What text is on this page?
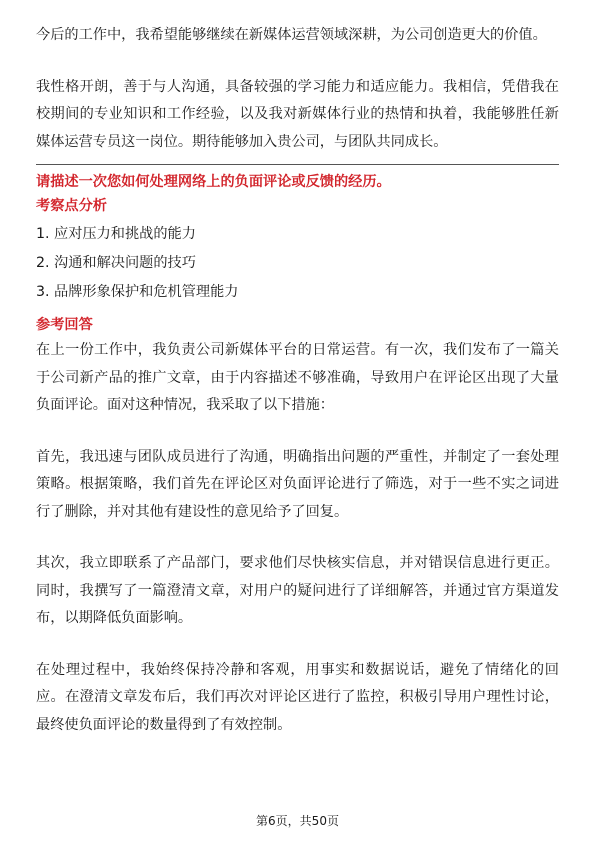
今后的工作中，我希望能够继续在新媒体运营领域深耕，为公司创造更大的价值。

我性格开朗，善于与人沟通，具备较强的学习能力和适应能力。我相信，凭借我在校期间的专业知识和工作经验，以及我对新媒体行业的热情和执着，我能够胜任新媒体运营专员这一岗位。期待能够加入贵公司，与团队共同成长。

请描述一次您如何处理网络上的负面评论或反馈的经历。

考察点分析

1. 应对压力和挑战的能力
2. 沟通和解决问题的技巧
3. 品牌形象保护和危机管理能力

参考回答

在上一份工作中，我负责公司新媒体平台的日常运营。有一次，我们发布了一篇关于公司新产品的推广文章，由于内容描述不够准确，导致用户在评论区出现了大量负面评论。面对这种情况，我采取了以下措施：

首先，我迅速与团队成员进行了沟通，明确指出问题的严重性，并制定了一套处理策略。根据策略，我们首先在评论区对负面评论进行了筛选，对于一些不实之词进行了删除，并对其他有建设性的意见给予了回复。

其次，我立即联系了产品部门，要求他们尽快核实信息，并对错误信息进行更正。同时，我撰写了一篇澄清文章，对用户的疑问进行了详细解答，并通过官方渠道发布，以期降低负面影响。

在处理过程中，我始终保持冷静和客观，用事实和数据说话，避免了情绪化的回应。在澄清文章发布后，我们再次对评论区进行了监控，积极引导用户理性讨论，最终使负面评论的数量得到了有效控制。

第6页，共50页
